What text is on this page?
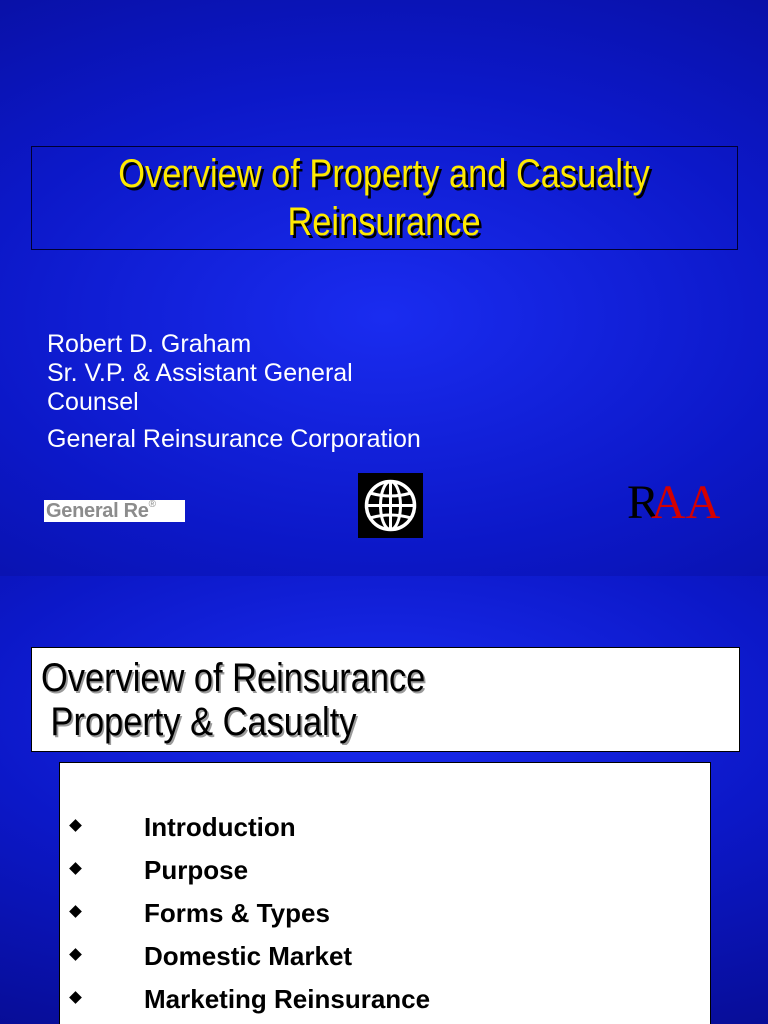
Overview of Property and Casualty
Reinsurance
Robert D. Graham
Sr. V.P. & Assistant General
Counsel
General Reinsurance Corporation
General Re®	RAA
Overview of Reinsurance
Property & Casualty
Introduction
Purpose
Forms & Types
Domestic Market
Marketing Reinsurance
